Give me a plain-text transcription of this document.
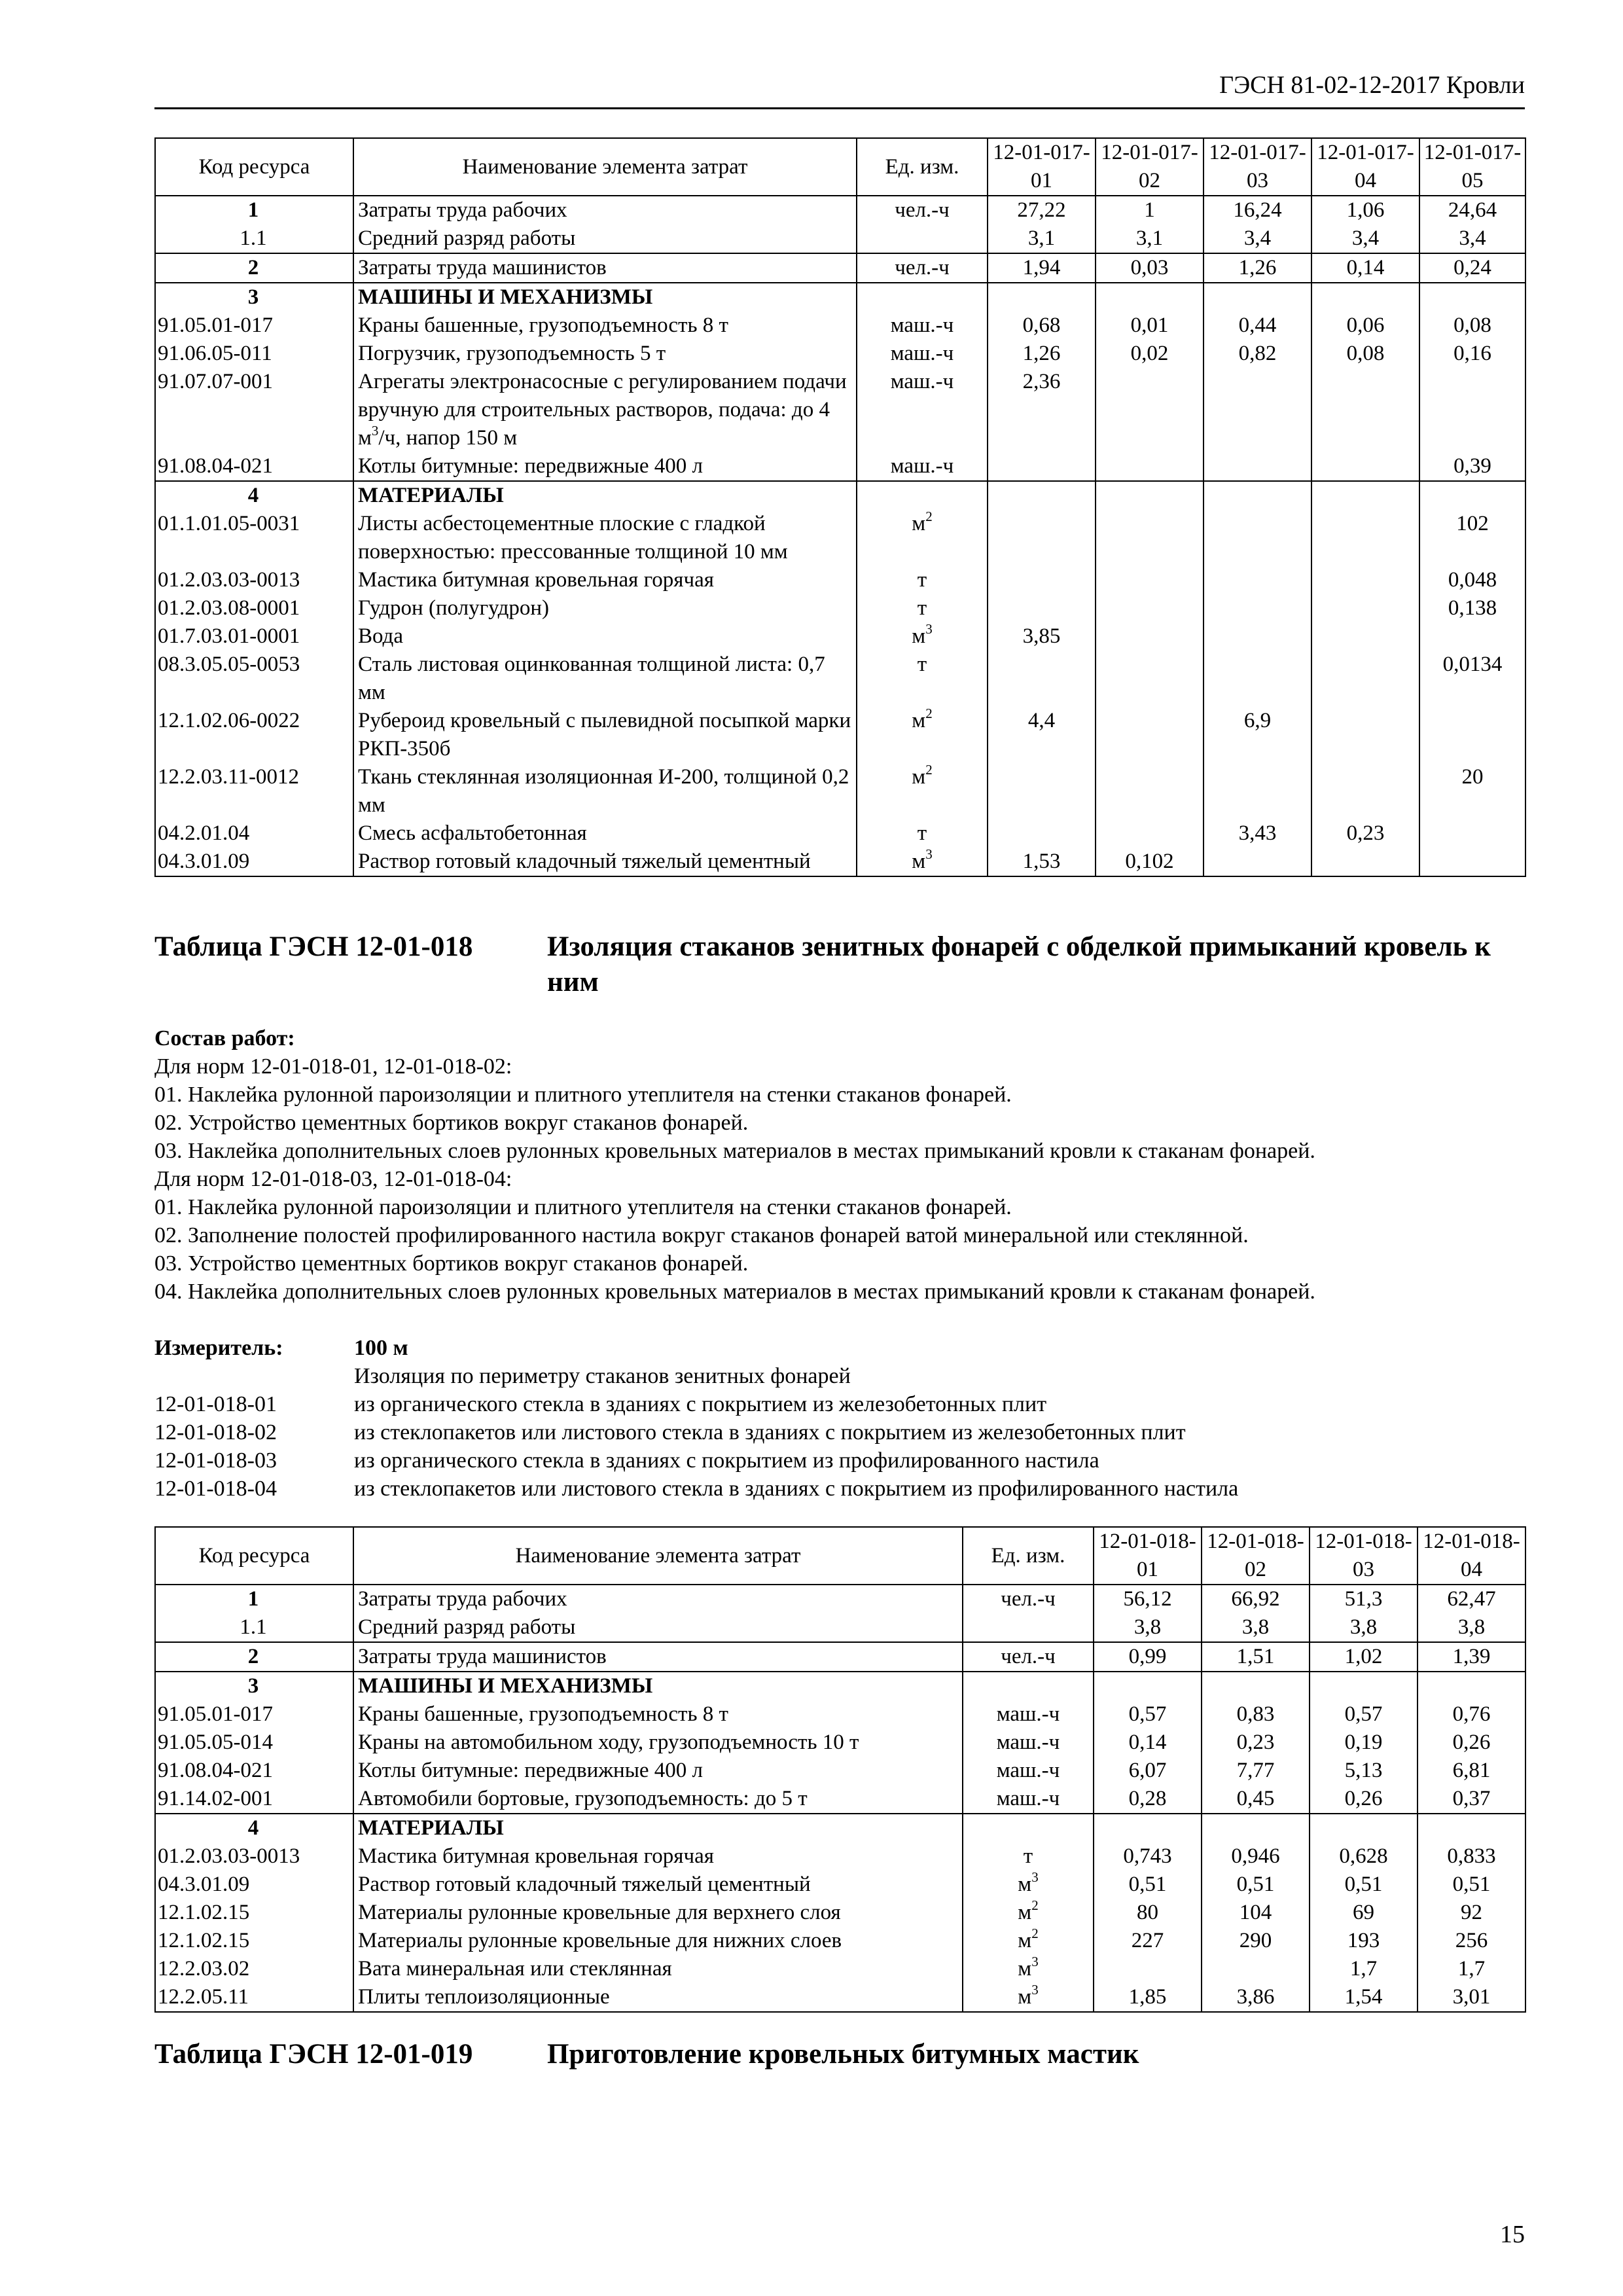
ГЭСН 81-02-12-2017 Кровли
Код ресурса	Наименование элемента затрат	Ед. изм.	12-01-017-01	12-01-017-02	12-01-017-03	12-01-017-04	12-01-017-05
1	Затраты труда рабочих	чел.-ч	27,22	1	16,24	1,06	24,64
1.1	Средний разряд работы		3,1	3,1	3,4	3,4	3,4
2	Затраты труда машинистов	чел.-ч	1,94	0,03	1,26	0,14	0,24
3	МАШИНЫ И МЕХАНИЗМЫ						
91.05.01-017	Краны башенные, грузоподъемность 8 т	маш.-ч	0,68	0,01	0,44	0,06	0,08
91.06.05-011	Погрузчик, грузоподъемность 5 т	маш.-ч	1,26	0,02	0,82	0,08	0,16
91.07.07-001	Агрегаты электронасосные с регулированием подачи вручную для строительных растворов, подача: до 4 $м^3/ч$, напор 150 м	маш.-ч	2,36				
91.08.04-021	Котлы битумные: передвижные 400 л	маш.-ч					0,39
4	МАТЕРИАЛЫ						
01.1.01.05-0031	Листы асбестоцементные плоские с гладкой поверхностью: прессованные толщиной 10 мм	$м^2$					102
01.2.03.03-0013	Мастика битумная кровельная горячая	т					0,048
01.2.03.08-0001	Гудрон (полугудрон)	т					0,138
01.7.03.01-0001	Вода	$м^3$	3,85				
08.3.05.05-0053	Сталь листовая оцинкованная толщиной листа: 0,7 мм	т					0,0134
12.1.02.06-0022	Рубероид кровельный с пылевидной посыпкой марки РКП-350б	$м^2$	4,4		6,9		
12.2.03.11-0012	Ткань стеклянная изоляционная И-200, толщиной 0,2 мм	$м^2$					20
04.2.01.04	Смесь асфальтобетонная	т			3,43	0,23	
04.3.01.09	Раствор готовый кладочный тяжелый цементный	$м^3$	1,53	0,102			
Таблица ГЭСН 12-01-018	Изоляция стаканов зенитных фонарей с обделкой примыканий кровель к ним
Состав работ:
Для норм 12-01-018-01, 12-01-018-02:
01. Наклейка рулонной пароизоляции и плитного утеплителя на стенки стаканов фонарей.
02. Устройство цементных бортиков вокруг стаканов фонарей.
03. Наклейка дополнительных слоев рулонных кровельных материалов в местах примыканий кровли к стаканам фонарей.
Для норм 12-01-018-03, 12-01-018-04:
01. Наклейка рулонной пароизоляции и плитного утеплителя на стенки стаканов фонарей.
02. Заполнение полостей профилированного настила вокруг стаканов фонарей ватой минеральной или стеклянной.
03. Устройство цементных бортиков вокруг стаканов фонарей.
04. Наклейка дополнительных слоев рулонных кровельных материалов в местах примыканий кровли к стаканам фонарей.
Измеритель:	100 м
Изоляция по периметру стаканов зенитных фонарей
12-01-018-01	из органического стекла в зданиях с покрытием из железобетонных плит
12-01-018-02	из стеклопакетов или листового стекла в зданиях с покрытием из железобетонных плит
12-01-018-03	из органического стекла в зданиях с покрытием из профилированного настила
12-01-018-04	из стеклопакетов или листового стекла в зданиях с покрытием из профилированного настила
Код ресурса	Наименование элемента затрат	Ед. изм.	12-01-018-01	12-01-018-02	12-01-018-03	12-01-018-04
1	Затраты труда рабочих	чел.-ч	56,12	66,92	51,3	62,47
1.1	Средний разряд работы		3,8	3,8	3,8	3,8
2	Затраты труда машинистов	чел.-ч	0,99	1,51	1,02	1,39
3	МАШИНЫ И МЕХАНИЗМЫ					
91.05.01-017	Краны башенные, грузоподъемность 8 т	маш.-ч	0,57	0,83	0,57	0,76
91.05.05-014	Краны на автомобильном ходу, грузоподъемность 10 т	маш.-ч	0,14	0,23	0,19	0,26
91.08.04-021	Котлы битумные: передвижные 400 л	маш.-ч	6,07	7,77	5,13	6,81
91.14.02-001	Автомобили бортовые, грузоподъемность: до 5 т	маш.-ч	0,28	0,45	0,26	0,37
4	МАТЕРИАЛЫ					
01.2.03.03-0013	Мастика битумная кровельная горячая	т	0,743	0,946	0,628	0,833
04.3.01.09	Раствор готовый кладочный тяжелый цементный	$м^3$	0,51	0,51	0,51	0,51
12.1.02.15	Материалы рулонные кровельные для верхнего слоя	$м^2$	80	104	69	92
12.1.02.15	Материалы рулонные кровельные для нижних слоев	$м^2$	227	290	193	256
12.2.03.02	Вата минеральная или стеклянная	$м^3$			1,7	1,7
12.2.05.11	Плиты теплоизоляционные	$м^3$	1,85	3,86	1,54	3,01
Таблица ГЭСН 12-01-019	Приготовление кровельных битумных мастик
15
